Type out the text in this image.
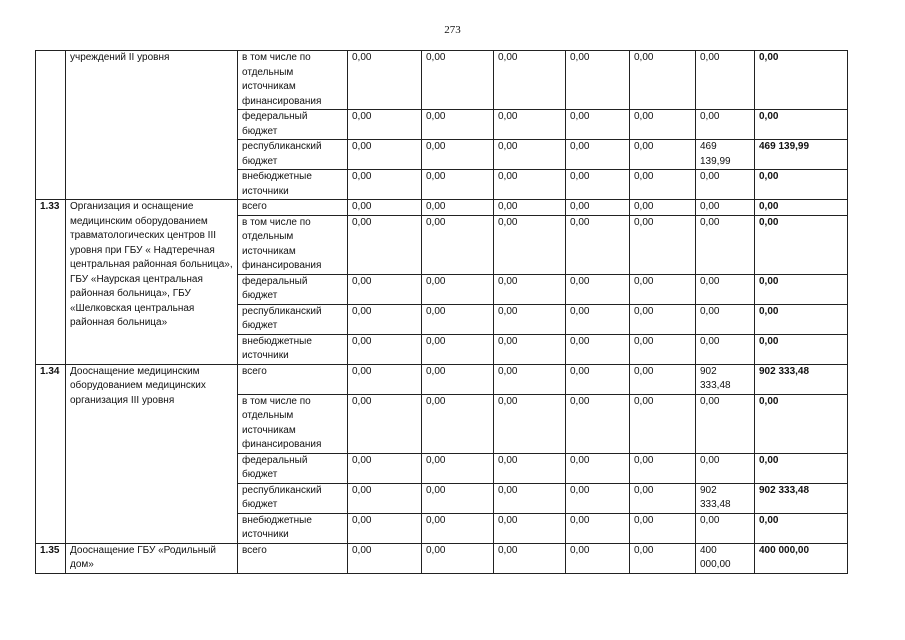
273
	учреждений II уровня	в том числе по отдельным источникам финансирования	0,00	0,00	0,00	0,00	0,00	0,00	0,00
		федеральный бюджет	0,00	0,00	0,00	0,00	0,00	0,00	0,00
		республиканский бюджет	0,00	0,00	0,00	0,00	0,00	469 139,99	469 139,99
		внебюджетные источники	0,00	0,00	0,00	0,00	0,00	0,00	0,00
1.33	Организация и оснащение медицинским оборудованием травматологических центров III уровня при ГБУ « Надтеречная центральная районная больница», ГБУ «Наурская центральная районная больница», ГБУ «Шелковская центральная районная больница»	всего	0,00	0,00	0,00	0,00	0,00	0,00	0,00
		в том числе по отдельным источникам финансирования	0,00	0,00	0,00	0,00	0,00	0,00	0,00
		федеральный бюджет	0,00	0,00	0,00	0,00	0,00	0,00	0,00
		республиканский бюджет	0,00	0,00	0,00	0,00	0,00	0,00	0,00
		внебюджетные источники	0,00	0,00	0,00	0,00	0,00	0,00	0,00
1.34	Дооснащение медицинским оборудованием медицинских организация III уровня	всего	0,00	0,00	0,00	0,00	0,00	902 333,48	902 333,48
		в том числе по отдельным источникам финансирования	0,00	0,00	0,00	0,00	0,00	0,00	0,00
		федеральный бюджет	0,00	0,00	0,00	0,00	0,00	0,00	0,00
		республиканский бюджет	0,00	0,00	0,00	0,00	0,00	902 333,48	902 333,48
		внебюджетные источники	0,00	0,00	0,00	0,00	0,00	0,00	0,00
1.35	Дооснащение ГБУ «Родильный дом»	всего	0,00	0,00	0,00	0,00	0,00	400 000,00	400 000,00
